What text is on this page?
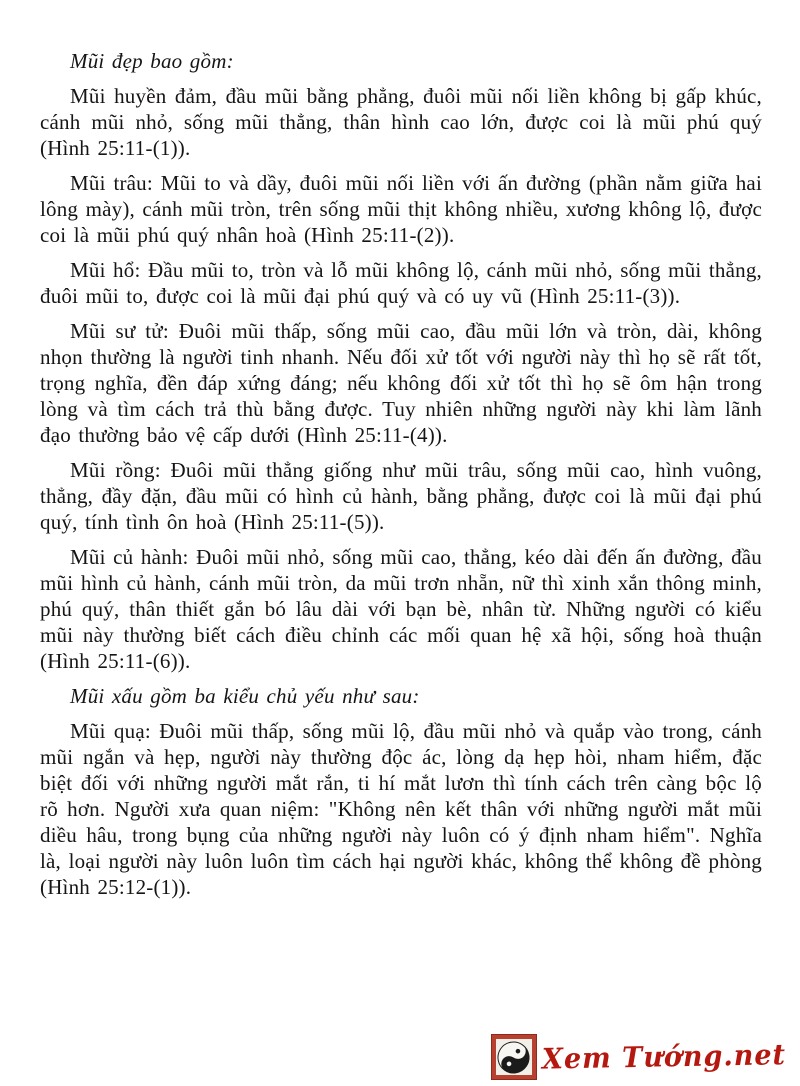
Mũi đẹp bao gồm:

Mũi huyền đảm, đầu mũi bằng phẳng, đuôi mũi nối liền không bị gấp khúc, cánh mũi nhỏ, sống mũi thẳng, thân hình cao lớn, được coi là mũi phú quý (Hình 25:11-(1)).

Mũi trâu: Mũi to và dầy, đuôi mũi nối liền với ấn đường (phần nằm giữa hai lông mày), cánh mũi tròn, trên sống mũi thịt không nhiều, xương không lộ, được coi là mũi phú quý nhân hoà (Hình 25:11-(2)).

Mũi hổ: Đầu mũi to, tròn và lỗ mũi không lộ, cánh mũi nhỏ, sống mũi thẳng, đuôi mũi to, được coi là mũi đại phú quý và có uy vũ (Hình 25:11-(3)).

Mũi sư tử: Đuôi mũi thấp, sống mũi cao, đầu mũi lớn và tròn, dài, không nhọn thường là người tinh nhanh. Nếu đối xử tốt với người này thì họ sẽ rất tốt, trọng nghĩa, đền đáp xứng đáng; nếu không đối xử tốt thì họ sẽ ôm hận trong lòng và tìm cách trả thù bằng được. Tuy nhiên những người này khi làm lãnh đạo thường bảo vệ cấp dưới (Hình 25:11-(4)).

Mũi rồng: Đuôi mũi thẳng giống như mũi trâu, sống mũi cao, hình vuông, thẳng, đầy đặn, đầu mũi có hình củ hành, bằng phẳng, được coi là mũi đại phú quý, tính tình ôn hoà (Hình 25:11-(5)).

Mũi củ hành: Đuôi mũi nhỏ, sống mũi cao, thẳng, kéo dài đến ấn đường, đầu mũi hình củ hành, cánh mũi tròn, da mũi trơn nhẵn, nữ thì xinh xắn thông minh, phú quý, thân thiết gắn bó lâu dài với bạn bè, nhân từ. Những người có kiểu mũi này thường biết cách điều chỉnh các mối quan hệ xã hội, sống hoà thuận (Hình 25:11-(6)).

Mũi xấu gồm ba kiểu chủ yếu như sau:

Mũi quạ: Đuôi mũi thấp, sống mũi lộ, đầu mũi nhỏ và quắp vào trong, cánh mũi ngắn và hẹp, người này thường độc ác, lòng dạ hẹp hòi, nham hiểm, đặc biệt đối với những người mắt rắn, ti hí mắt lươn thì tính cách trên càng bộc lộ rõ hơn. Người xưa quan niệm: "Không nên kết thân với những người mắt mũi diều hâu, trong bụng của những người này luôn có ý định nham hiểm". Nghĩa là, loại người này luôn luôn tìm cách hại người khác, không thể không đề phòng (Hình 25:12-(1)).

Xem Tướng.net
